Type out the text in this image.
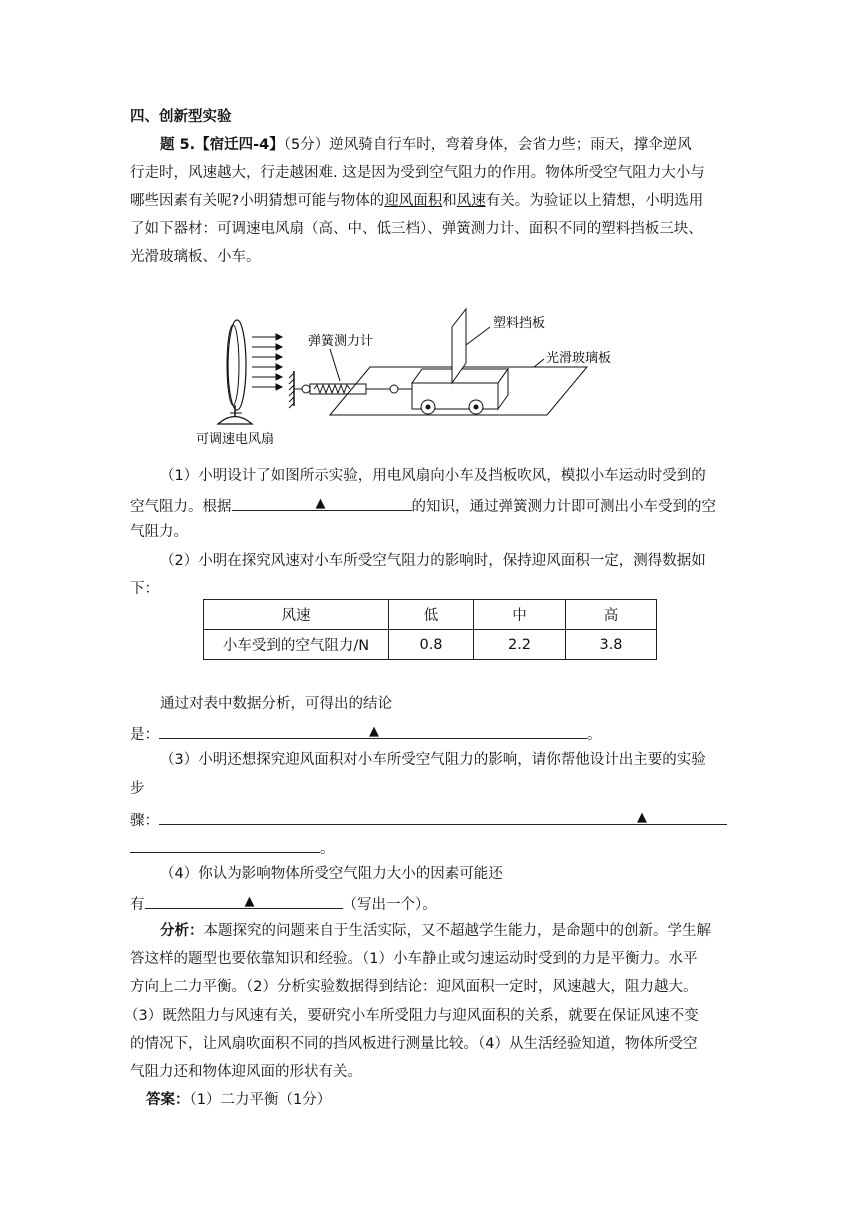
四、创新型实验
题 5.【宿迁四-4】（5分）逆风骑自行车时，弯着身体，会省力些；雨天，撑伞逆风
行走时，风速越大，行走越困难. 这是因为受到空气阻力的作用。物体所受空气阻力大小与
哪些因素有关呢?小明猜想可能与物体的迎风面积和风速有关。为验证以上猜想，小明选用
了如下器材：可调速电风扇（高、中、低三档）、弹簧测力计、面积不同的塑料挡板三块、
光滑玻璃板、小车。
塑料挡板
弹簧测力计
光滑玻璃板
可调速电风扇
（1）小明设计了如图所示实验，用电风扇向小车及挡板吹风，模拟小车运动时受到的
空气阻力。根据	▲	的知识，通过弹簧测力计即可测出小车受到的空
气阻力。
（2）小明在探究风速对小车所受空气阻力的影响时，保持迎风面积一定，测得数据如
下：
风速	低	中	高
小车受到的空气阻力/N	0.8	2.2	3.8
通过对表中数据分析，可得出的结论
是：	▲	。
（3）小明还想探究迎风面积对小车所受空气阻力的影响，请你帮他设计出主要的实验
步
骤：	▲
。
（4）你认为影响物体所受空气阻力大小的因素可能还
有	▲	（写出一个）。
分析：本题探究的问题来自于生活实际，又不超越学生能力，是命题中的创新。学生解
答这样的题型也要依靠知识和经验。（1）小车静止或匀速运动时受到的力是平衡力。水平
方向上二力平衡。（2）分析实验数据得到结论：迎风面积一定时，风速越大，阻力越大。
（3）既然阻力与风速有关，要研究小车所受阻力与迎风面积的关系，就要在保证风速不变
的情况下，让风扇吹面积不同的挡风板进行测量比较。（4）从生活经验知道，物体所受空
气阻力还和物体迎风面的形状有关。
答案：（1）二力平衡（1分）
